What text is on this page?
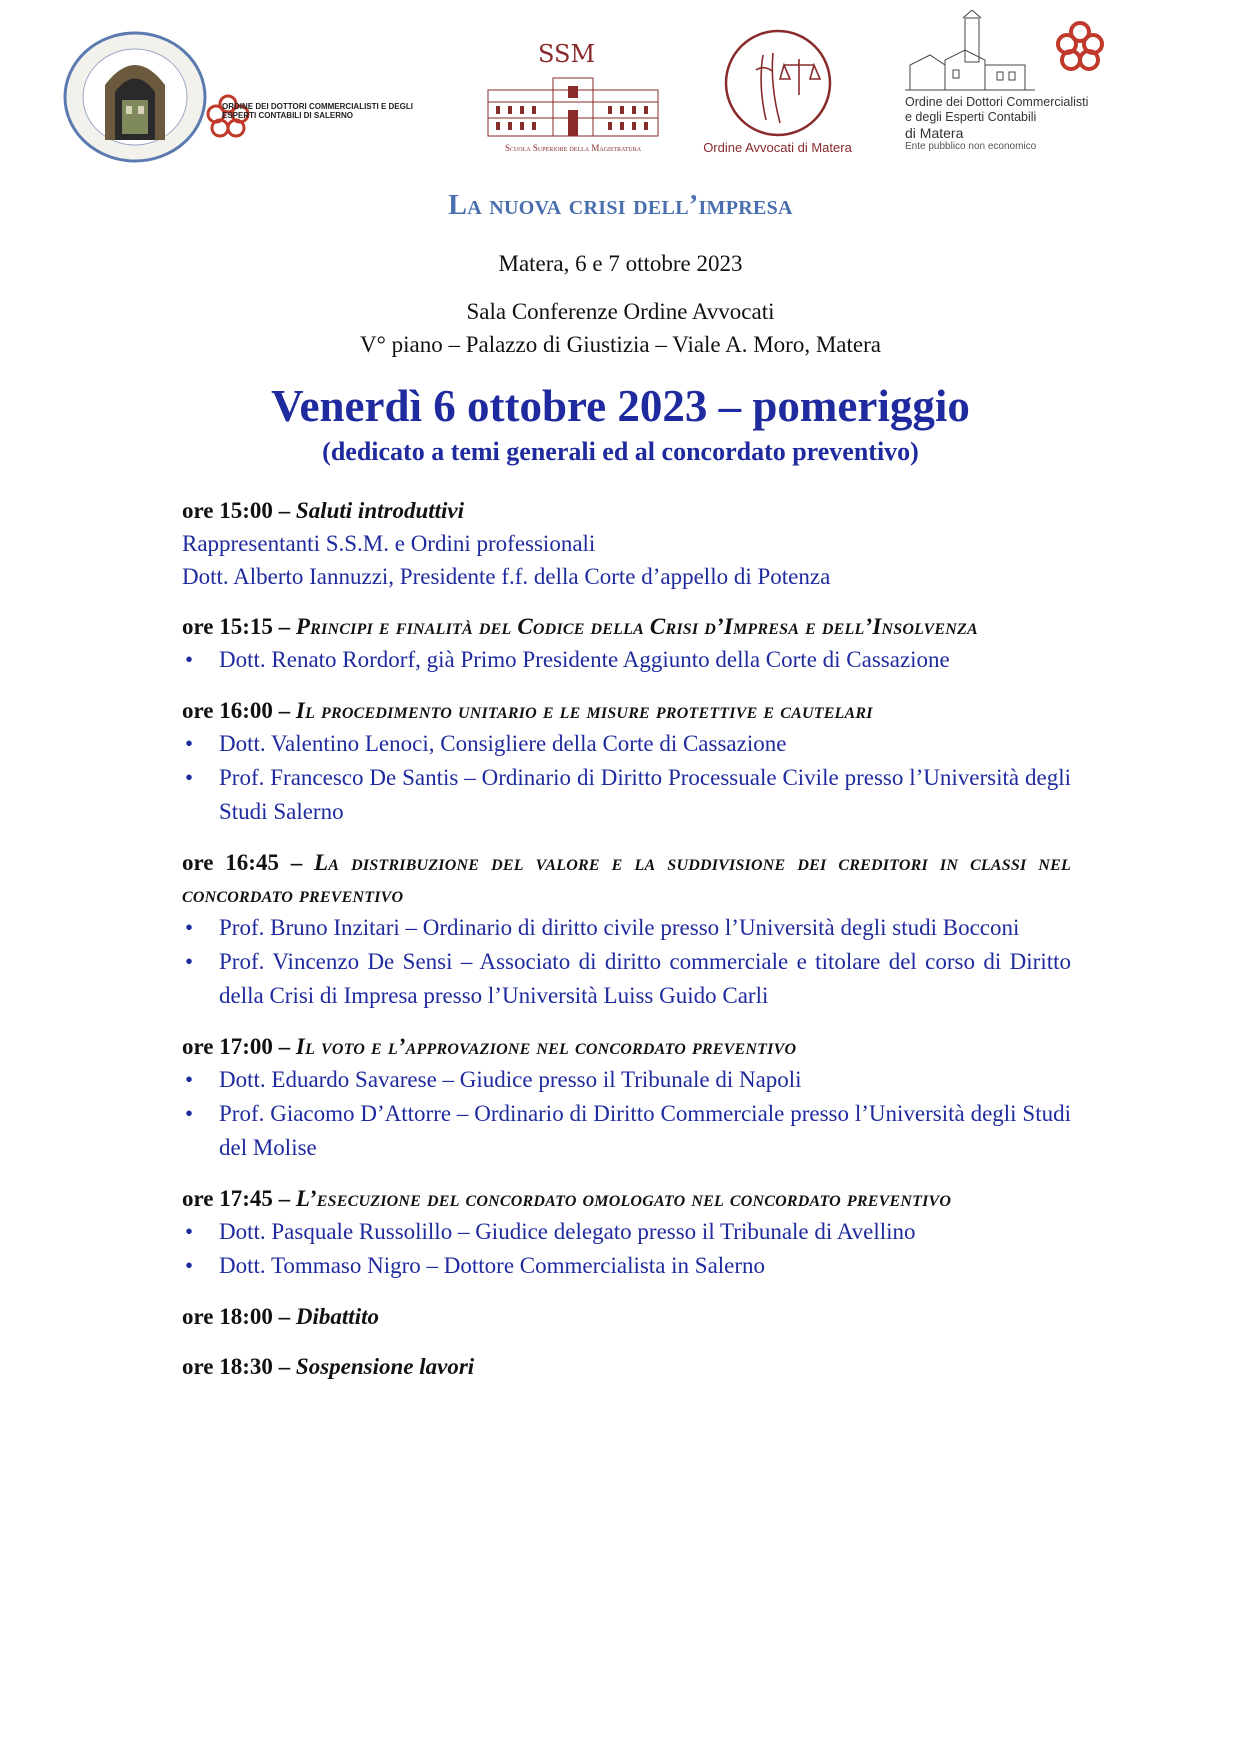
ORDINE DEI DOTTORI COMMERCIALISTI E DEGLI ESPERTI CONTABILI DI SALERNO
SSM
Scuola Superiore della Magistratura	Ordine Avvocati di Matera
Ordine dei Dottori Commercialisti
e degli Esperti Contabili
di Matera
Ente pubblico non economico
La nuova crisi dell’impresa
Matera, 6 e 7 ottobre 2023
Sala Conferenze Ordine Avvocati
V° piano – Palazzo di Giustizia – Viale A. Moro, Matera
Venerdì 6 ottobre 2023 – pomeriggio
(dedicato a temi generali ed al concordato preventivo)
ore 15:00 – Saluti introduttivi
Rappresentanti S.S.M. e Ordini professionali
Dott. Alberto Iannuzzi, Presidente f.f. della Corte d’appello di Potenza
ore 15:15 – Principi e finalità del Codice della Crisi d’Impresa e dell’Insolvenza
• Dott. Renato Rordorf, già Primo Presidente Aggiunto della Corte di Cassazione
ore 16:00 – Il procedimento unitario e le misure protettive e cautelari
• Dott. Valentino Lenoci, Consigliere della Corte di Cassazione
• Prof. Francesco De Santis – Ordinario di Diritto Processuale Civile presso l’Università degli Studi Salerno
ore 16:45 – La distribuzione del valore e la suddivisione dei creditori in classi nel concordato preventivo
• Prof. Bruno Inzitari – Ordinario di diritto civile presso l’Università degli studi Bocconi
• Prof. Vincenzo De Sensi – Associato di diritto commerciale e titolare del corso di Diritto della Crisi di Impresa presso l’Università Luiss Guido Carli
ore 17:00 – Il voto e l’approvazione nel concordato preventivo
• Dott. Eduardo Savarese – Giudice presso il Tribunale di Napoli
• Prof. Giacomo D’Attorre – Ordinario di Diritto Commerciale presso l’Università degli Studi del Molise
ore 17:45 – L’esecuzione del concordato omologato nel concordato preventivo
• Dott. Pasquale Russolillo – Giudice delegato presso il Tribunale di Avellino
• Dott. Tommaso Nigro – Dottore Commercialista in Salerno
ore 18:00 – Dibattito
ore 18:30 – Sospensione lavori
